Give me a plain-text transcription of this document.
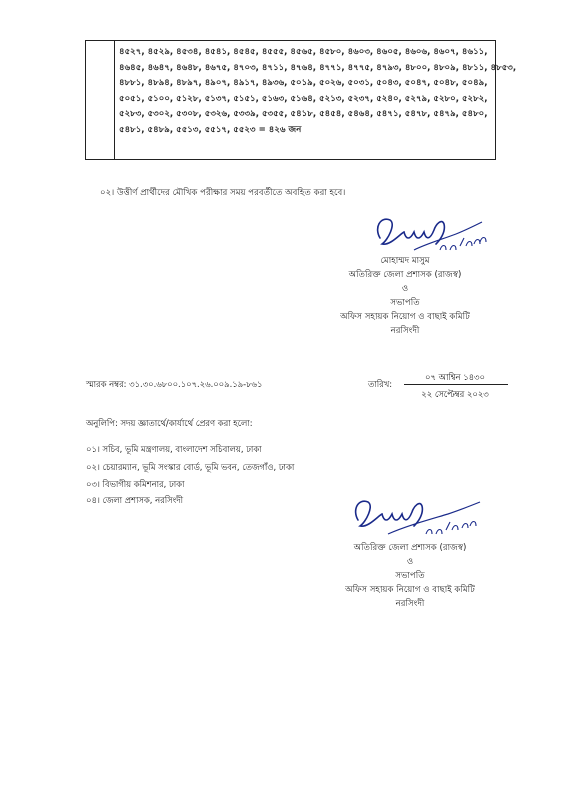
৪৫২৭, ৪৫২৯, ৪৫৩৪, ৪৫৪১, ৪৫৪৫, ৪৫৫৫, ৪৫৬৫, ৪৫৮০, ৪৬০৩, ৪৬০৫, ৪৬০৬, ৪৬০৭, ৪৬১১,
৪৬৪৫, ৪৬৪৭, ৪৬৪৮, ৪৬৭৫, ৪৭০৩, ৪৭১১, ৪৭৬৪, ৪৭৭১, ৪৭৭৫, ৪৭৯৩, ৪৮০০, ৪৮০৯, ৪৮১১, ৪৮৫৩,
৪৮৮১, ৪৮৯৪, ৪৮৯৭, ৪৯০৭, ৪৯১৭, ৪৯৩৬, ৫০১৯, ৫০২৬, ৫০৩১, ৫০৪৩, ৫০৪৭, ৫০৪৮, ৫০৪৯,
৫০৫১, ৫১০০, ৫১২৮, ৫১৩৭, ৫১৫১, ৫১৬৩, ৫১৬৪, ৫২১৩, ৫২৩৭, ৫২৪০, ৫২৭৯, ৫২৮০, ৫২৮২,
৫২৮৩, ৫৩০২, ৫৩০৮, ৫৩২৬, ৫৩৩৯, ৫৩৫৫, ৫৪১৮, ৫৪৫৪, ৫৪৬৪, ৫৪৭১, ৫৪৭৮, ৫৪৭৯, ৫৪৮০,
৫৪৮১, ৫৪৮৯, ৫৫১৩, ৫৫১৭, ৫৫২৩ = ৪২৬ জন
০২। উত্তীর্ণ প্রার্থীদের মৌখিক পরীক্ষার সময় পরবর্তীতে অবহিত করা হবে।
মোহাম্মদ মাসুম
অতিরিক্ত জেলা প্রশাসক (রাজস্ব)
ও
সভাপতি
অফিস সহায়ক নিয়োগ ও বাছাই কমিটি
নরসিংদী
স্মারক নম্বর: ৩১.৩০.৬৮০০.১০৭.২৬.০০৯.১৯-৮৬১	তারিখ:
০৭ আশ্বিন ১৪৩০
২২ সেপ্টেম্বর ২০২৩
অনুলিপি: সদয় জ্ঞাতার্থে/কার্যার্থে প্রেরণ করা হলো:
০১। সচিব, ভূমি মন্ত্রণালয়, বাংলাদেশ সচিবালয়, ঢাকা
০২। চেয়ারম্যান, ভূমি সংস্কার বোর্ড, ভূমি ভবন, তেজগাঁও, ঢাকা
০৩। বিভাগীয় কমিশনার, ঢাকা
০৪। জেলা প্রশাসক, নরসিংদী
অতিরিক্ত জেলা প্রশাসক (রাজস্ব)
ও
সভাপতি
অফিস সহায়ক নিয়োগ ও বাছাই কমিটি
নরসিংদী
